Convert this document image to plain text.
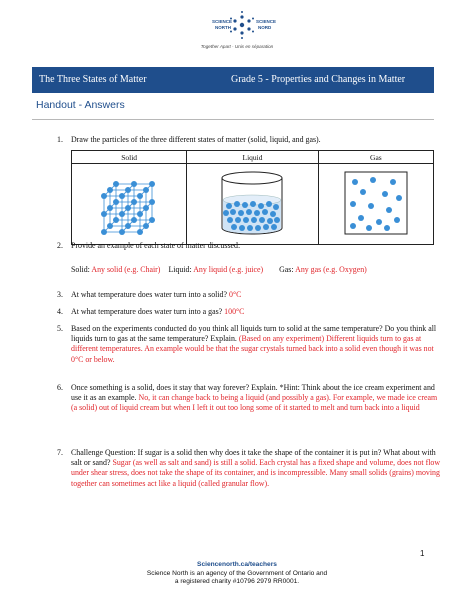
SCIENCE
NORTH
SCIENCE
NORD
Together Apart · Unis en séparation
The Three States of Matter	Grade 5 - Properties and Changes in Matter
Handout - Answers
1. Draw the particles of the three different states of matter (solid, liquid, and gas).
Solid	Liquid	Gas

2. Provide an example of each state of matter discussed:
Solid: Any solid (e.g. Chair) Liquid: Any liquid (e.g. juice) Gas: Any gas (e.g. Oxygen)
3. At what temperature does water turn into a solid? 0°C
4. At what temperature does water turn into a gas? 100°C
5. Based on the experiments conducted do you think all liquids turn to solid at the same temperature? Do you think all liquids turn to gas at the same temperature? Explain. (Based on any experiment) Different liquids turn to gas at different temperatures. An example would be that the sugar crystals turned back into a solid even though it was not 0°C or below.
6. Once something is a solid, does it stay that way forever? Explain. *Hint: Think about the ice cream experiment and use it as an example. No, it can change back to being a liquid (and possibly a gas). For example, we made ice cream (a solid) out of liquid cream but when I left it out too long some of it started to melt and turn back into a liquid
7. Challenge Question: If sugar is a solid then why does it take the shape of the container it is put in? What about with salt or sand? Sugar (as well as salt and sand) is still a solid. Each crystal has a fixed shape and volume, does not flow under shear stress, does not take the shape of its container, and is incompressible. Many small solids (grains) moving together can sometimes act like a liquid (called granular flow).
1
Sciencenorth.ca/teachers
Science North is an agency of the Government of Ontario and
a registered charity #10796 2979 RR0001.
